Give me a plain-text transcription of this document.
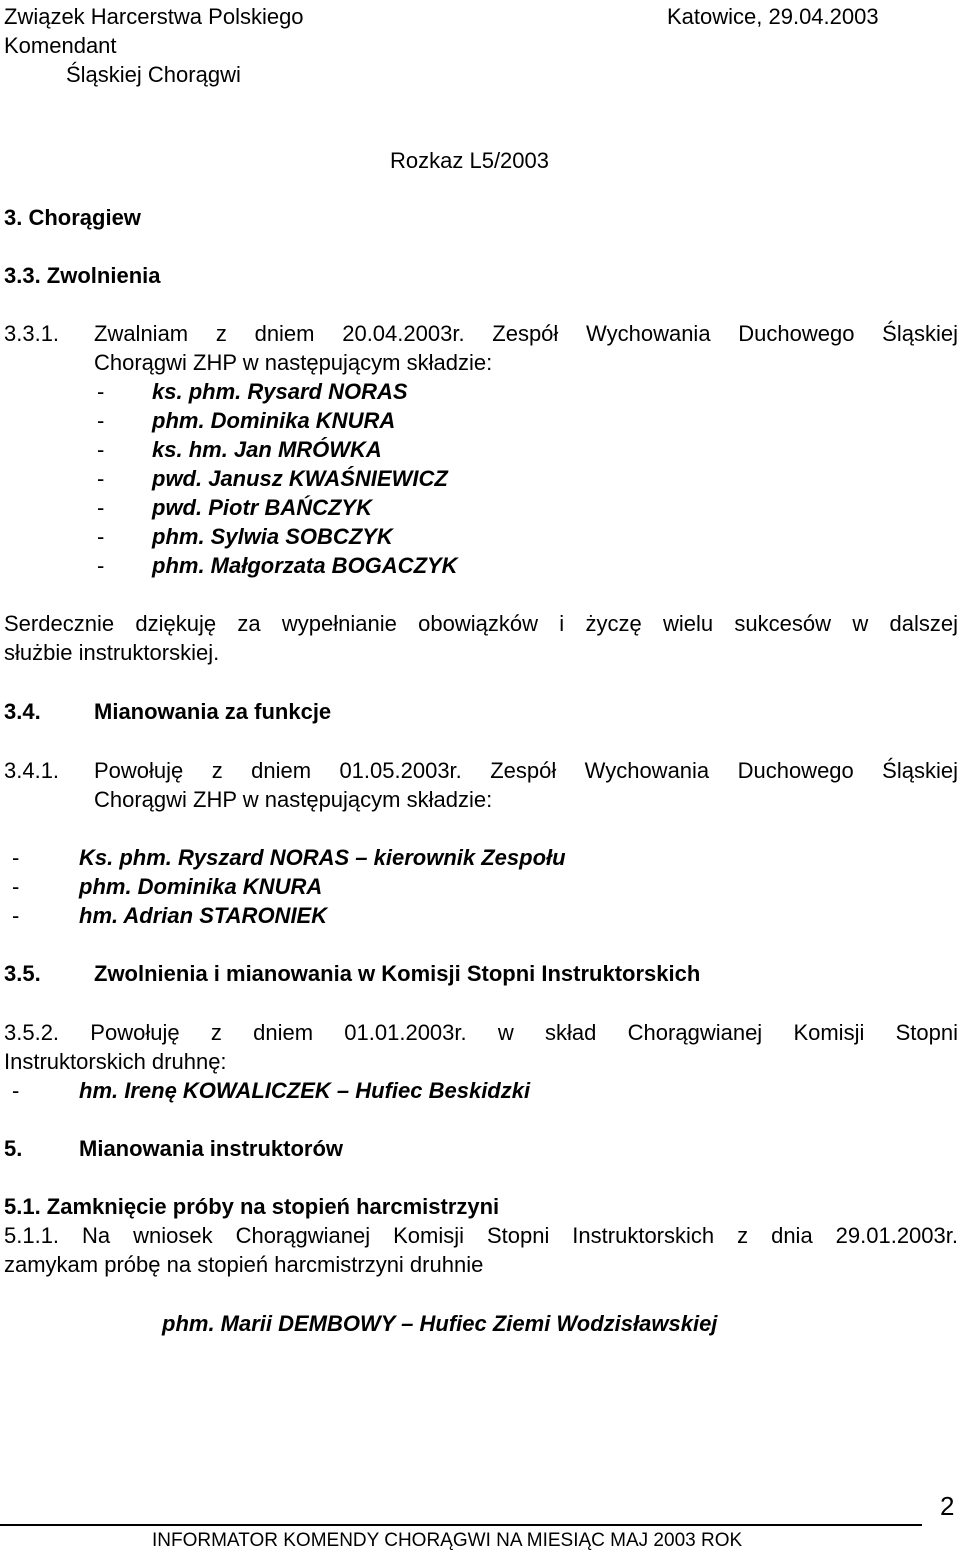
Związek Harcerstwa Polskiego
Komendant
Śląskiej Chorągwi
Katowice, 29.04.2003
Rozkaz L5/2003
3. Chorągiew
3.3. Zwolnienia
3.3.1. Zwalniam z dniem 20.04.2003r. Zespół Wychowania Duchowego Śląskiej
Chorągwi ZHP w następującym składzie:
- ks. phm. Rysard NORAS
- phm. Dominika KNURA
- ks. hm. Jan MRÓWKA
- pwd. Janusz KWAŚNIEWICZ
- pwd. Piotr BAŃCZYK
- phm. Sylwia SOBCZYK
- phm. Małgorzata BOGACZYK
Serdecznie dziękuję za wypełnianie obowiązków i życzę wielu sukcesów w dalszej
służbie instruktorskiej.
3.4. Mianowania za funkcje
3.4.1. Powołuję z dniem 01.05.2003r. Zespół Wychowania Duchowego Śląskiej
Chorągwi ZHP w następującym składzie:
-	Ks. phm. Ryszard NORAS – kierownik Zespołu
-	phm. Dominika KNURA
-	hm. Adrian STARONIEK
3.5. Zwolnienia i mianowania w Komisji Stopni Instruktorskich
3.5.2. Powołuję z dniem 01.01.2003r. w skład Chorągwianej Komisji Stopni
Instruktorskich druhnę:
-	hm. Irenę KOWALICZEK – Hufiec Beskidzki
5.	Mianowania instruktorów
5.1. Zamknięcie próby na stopień harcmistrzyni
5.1.1. Na wniosek Chorągwianej Komisji Stopni Instruktorskich z dnia 29.01.2003r.
zamykam próbę na stopień harcmistrzyni druhnie
phm. Marii DEMBOWY – Hufiec Ziemi Wodzisławskiej
2
INFORMATOR KOMENDY CHORĄGWI NA MIESIĄC MAJ 2003 ROK
